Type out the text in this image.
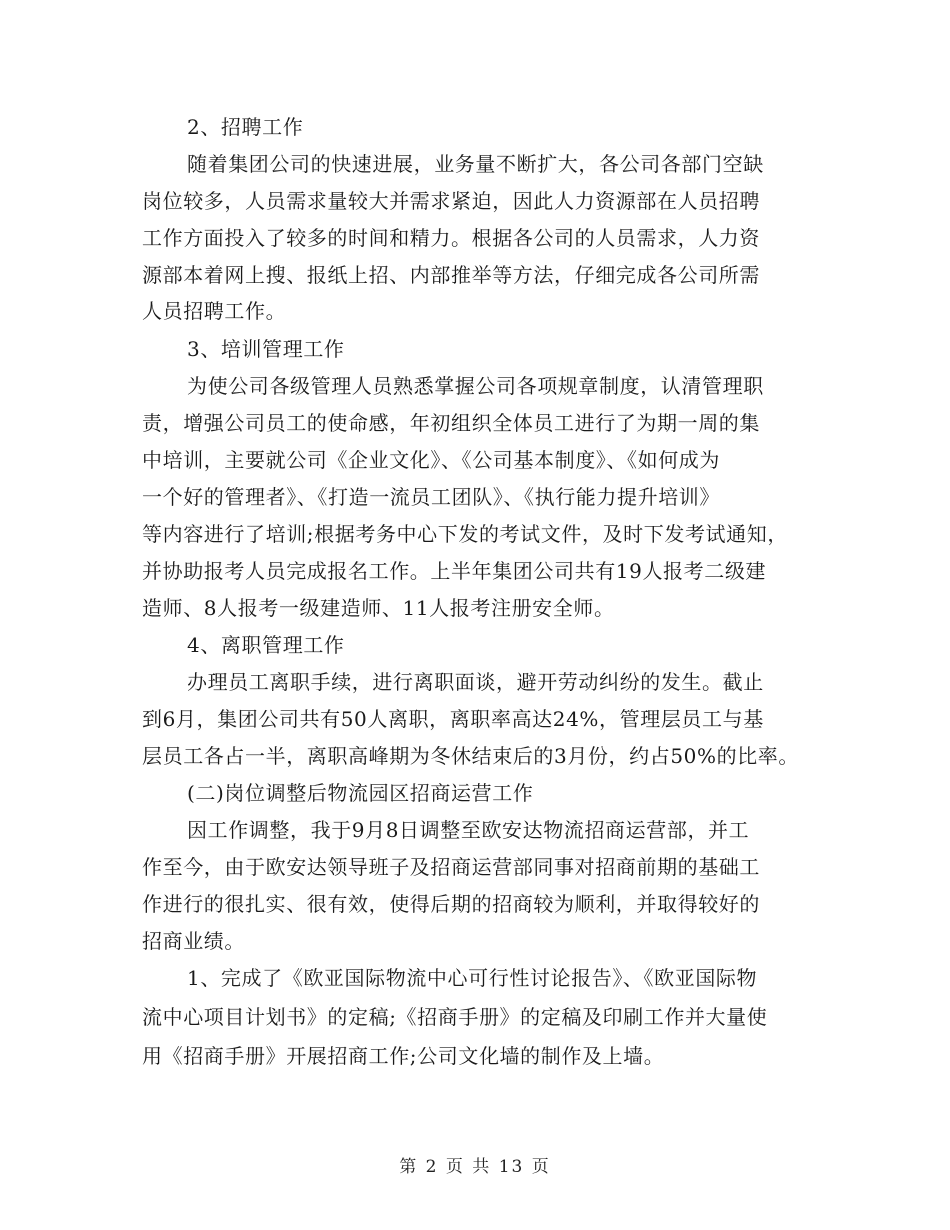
2、招聘工作
随着集团公司的快速进展，业务量不断扩大，各公司各部门空缺
岗位较多，人员需求量较大并需求紧迫，因此人力资源部在人员招聘
工作方面投入了较多的时间和精力。根据各公司的人员需求，人力资
源部本着网上搜、报纸上招、内部推举等方法，仔细完成各公司所需
人员招聘工作。
3、培训管理工作
为使公司各级管理人员熟悉掌握公司各项规章制度，认清管理职
责，增强公司员工的使命感，年初组织全体员工进行了为期一周的集
中培训，主要就公司《企业文化》、《公司基本制度》、《如何成为
一个好的管理者》、《打造一流员工团队》、《执行能力提升培训》
等内容进行了培训;根据考务中心下发的考试文件，及时下发考试通知，
并协助报考人员完成报名工作。上半年集团公司共有19人报考二级建
造师、8人报考一级建造师、11人报考注册安全师。
4、离职管理工作
办理员工离职手续，进行离职面谈，避开劳动纠纷的发生。截止
到6月，集团公司共有50人离职，离职率高达24%，管理层员工与基
层员工各占一半，离职高峰期为冬休结束后的3月份，约占50%的比率。
(二)岗位调整后物流园区招商运营工作
因工作调整，我于9月8日调整至欧安达物流招商运营部，并工
作至今，由于欧安达领导班子及招商运营部同事对招商前期的基础工
作进行的很扎实、很有效，使得后期的招商较为顺利，并取得较好的
招商业绩。
1、完成了《欧亚国际物流中心可行性讨论报告》、《欧亚国际物
流中心项目计划书》的定稿;《招商手册》的定稿及印刷工作并大量使
用《招商手册》开展招商工作;公司文化墙的制作及上墙。
第 2 页 共 13 页
